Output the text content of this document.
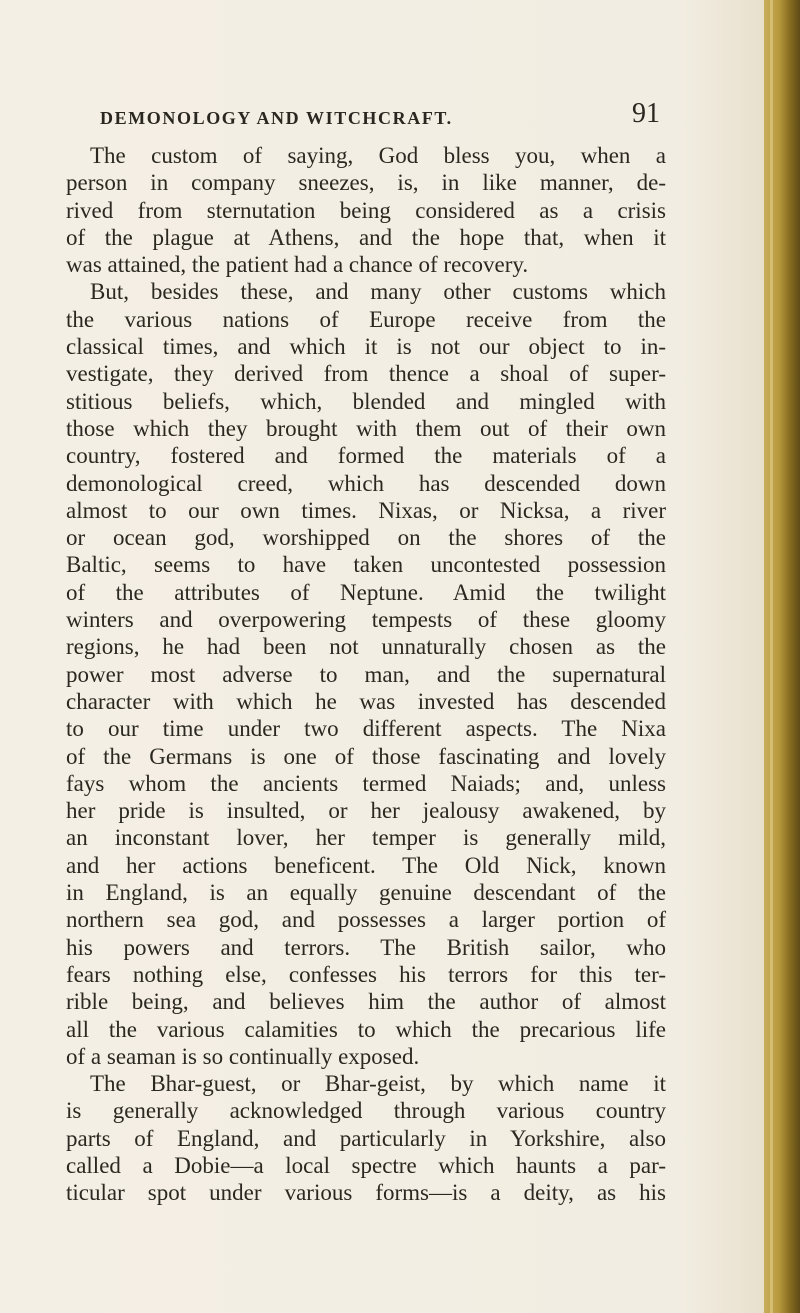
DEMONOLOGY AND WITCHCRAFT.	91
The custom of saying, God bless you, when a
person in company sneezes, is, in like manner, de-
rived from sternutation being considered as a crisis
of the plague at Athens, and the hope that, when it
was attained, the patient had a chance of recovery.
But, besides these, and many other customs which
the various nations of Europe receive from the
classical times, and which it is not our object to in-
vestigate, they derived from thence a shoal of super-
stitious beliefs, which, blended and mingled with
those which they brought with them out of their own
country, fostered and formed the materials of a
demonological creed, which has descended down
almost to our own times. Nixas, or Nicksa, a river
or ocean god, worshipped on the shores of the
Baltic, seems to have taken uncontested possession
of the attributes of Neptune. Amid the twilight
winters and overpowering tempests of these gloomy
regions, he had been not unnaturally chosen as the
power most adverse to man, and the supernatural
character with which he was invested has descended
to our time under two different aspects. The Nixa
of the Germans is one of those fascinating and lovely
fays whom the ancients termed Naiads; and, unless
her pride is insulted, or her jealousy awakened, by
an inconstant lover, her temper is generally mild,
and her actions beneficent. The Old Nick, known
in England, is an equally genuine descendant of the
northern sea god, and possesses a larger portion of
his powers and terrors. The British sailor, who
fears nothing else, confesses his terrors for this ter-
rible being, and believes him the author of almost
all the various calamities to which the precarious life
of a seaman is so continually exposed.
The Bhar-guest, or Bhar-geist, by which name it
is generally acknowledged through various country
parts of England, and particularly in Yorkshire, also
called a Dobie—a local spectre which haunts a par-
ticular spot under various forms—is a deity, as his
